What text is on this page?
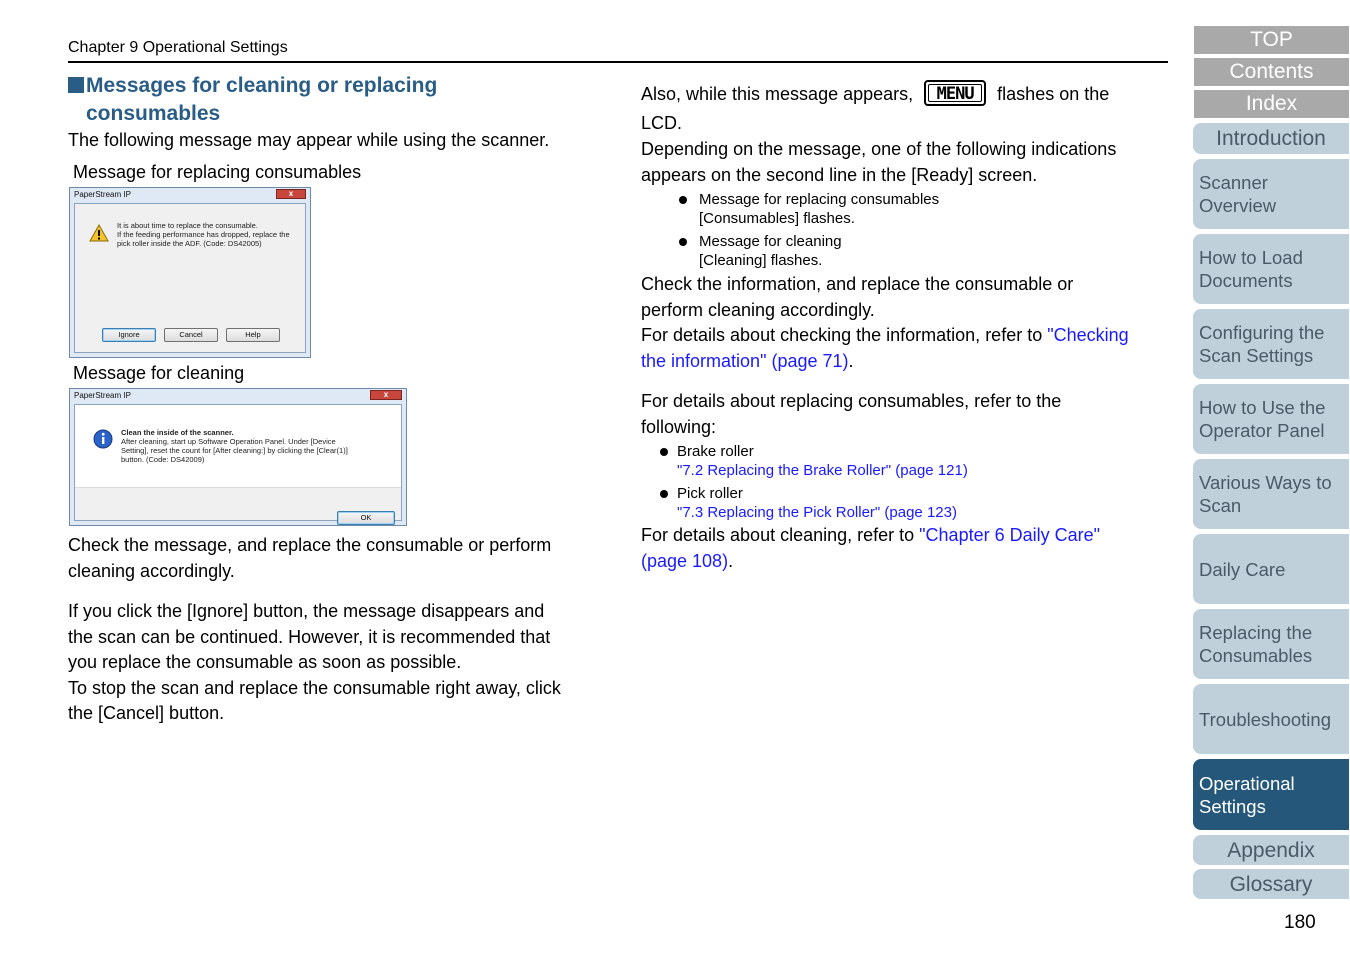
Chapter 9 Operational Settings
Messages for cleaning or replacing
consumables
The following message may appear while using the scanner.
Message for replacing consumables
PaperStream IP	x
It is about time to replace the consumable.
If the feeding performance has dropped, replace the
pick roller inside the ADF. (Code: DS42005)
Ignore	Cancel	Help
Message for cleaning
PaperStream IP	x
Clean the inside of the scanner.
After cleaning, start up Software Operation Panel. Under [Device
Setting], reset the count for [After cleaning:] by clicking the [Clear(1)]
button. (Code: DS42009)
OK
Check the message, and replace the consumable or perform
cleaning accordingly.
If you click the [Ignore] button, the message disappears and
the scan can be continued. However, it is recommended that
you replace the consumable as soon as possible.
To stop the scan and replace the consumable right away, click
the [Cancel] button.
Also, while this message appears,	MENU	flashes on the
LCD.
Depending on the message, one of the following indications
appears on the second line in the [Ready] screen.
Message for replacing consumables
[Consumables] flashes.
Message for cleaning
[Cleaning] flashes.
Check the information, and replace the consumable or
perform cleaning accordingly.
For details about checking the information, refer to "Checking
the information" (page 71).
For details about replacing consumables, refer to the
following:
Brake roller
"7.2 Replacing the Brake Roller" (page 121)
Pick roller
"7.3 Replacing the Pick Roller" (page 123)
For details about cleaning, refer to "Chapter 6 Daily Care"
(page 108).
TOP
Contents
Index
Introduction
Scanner
Overview
How to Load
Documents
Configuring the
Scan Settings
How to Use the
Operator Panel
Various Ways to
Scan
Daily Care
Replacing the
Consumables
Troubleshooting
Operational
Settings
Appendix
Glossary
180
